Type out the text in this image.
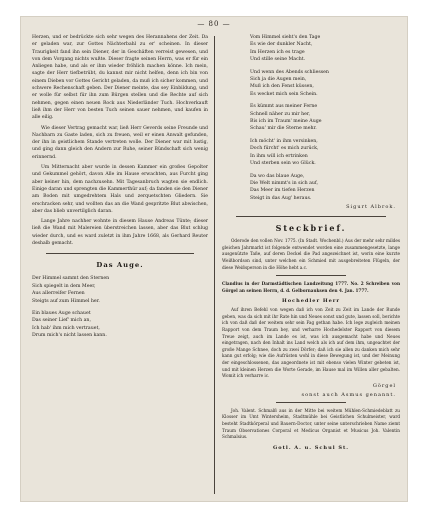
— 80 —

Herzen, und er bedrückte sich sehr wegen des Herannahens der Zeit. Da er geladen war, zur Gottes Nächterbahl zu er' scheinen. In dieser Traurigkeit fand ihn sein Diener, der in Geschäften verreist gewesen, und von dem Vorgang nichts wußte. Dieser fragte seinen Herrn, was er für ein Anliegen habe, und als er ihm wieder fröhlich machen könne. Ich mein, sagte der Herr tiefbetrübt, du kannst mir nicht helfen, denn ich bin von einem Dieben vor Gottes Gericht geladen, da muß ich sicher kommen, und schwere Rechenschaft geben. Der Diener meinte, das sey Einbildung, und er wolle für selbst für ihn zum Bürgen stellen und die Rechte auf sich nehmen, gegen einen neuen Rock aus Niederländer Tuch. Hochverkauft ließ ihm der Herr von besten Tuch seinen sauer nehmen, und kaufen in alle eilig.

Wie dieser Vertrag gemacht war, ließ Herr Geverds seine Freunde und Nachbarn zu Gaste laden, sich zu freuen, weil er einen Anwalt gefunden, der ihn in geistlichem Stande vertreten wolle. Der Diener war mit lustig, und ging dann gleich den Andern zur Ruhe, seiner Bündschaft sich wenig erinnernd.

Um Mitternacht aber wurde in dessen Kammer ein großes Gepolter und Gekummel gehört, davon Alle im Hause erwachten, aus Furcht ging aber keiner hin, dem nachzusehn. Mit Tagesanbruch wagten sie endlich. Einige daran und sprengten die Kammerthür auf; da fanden sie den Diener am Boden mit umgedrehtem Hals und zerquetschten Gliedern. Sie erschracken sehr, und wollten das an die Wand gespritzte Blut abwischen, aber das blieb unvertilglich daran.

Lange Jahre nachher wohnte in diesem Hause Andreas Tünte; dieser ließ die Wand mit Malereien überstreichen lassen, aber das Blut schlug wieder durch, und es ward zuletzt in ihm Jahre 1668, als Gerhard Reuter deshalb gemacht.

Das Auge.
Der Himmel sammt den Sternen
Sich spiegelt in dem Meer,
Aus allerreifer Fernen
Steigts auf zum Himmel her.
Ein blaues Auge schauet
Das seiner Lief' mich an,
Ich hab' ihm mich vertrauet,
Drum mich's nicht lassen kann.
Vom Himmel sieht's den Tage
Es wie der dunkler Nacht,
Im Herzen ich es trage
Und stille seine Macht.
Und wenn des Abends schliessen
Sich ja die Augen mein,
Muß ich den Fenst küssen,
Es wecket mich sein Schein.
Es kümmt aus meiner Ferne
Schnell näher zu mir her,
Bis ich im Traum' meine Auge
Schau' mir die Sterne mehr.
Ich möcht' in ihm versinken,
Doch fürcht' es mich zurück,
In ihm will ich ertrinken
Und sterben sein wo Glück.
Da wo das blaue Auge,
Die Welt nimmt's in sich auf,
Das Meer im tiefen Herzen
Steigt in das Aug' heraus.
Sigurt Albrok.
Steckbrief.

Oderode den vollen Nov. 1775. (In Stadt. Wochenbl.) Aus der mehr sehr mildes gleichen Jahrmarkt ist folgende entwendet worden eine zusammengesetzte, lange ausgenützte Taße, auf deren Deckel die Pad angezeichnet ist, worin eine kurzte Weißbordson sind, unter welchen ein Schmied mit ausgebreiteten Flügeln, der diese Weißsperson in die Höhe hebt a.c.

Clandius in der Darmstädtischen Landzeitung 1777. No. 2 Schreiben von Görgel an seinen Herrn, d. d. Gelbornauksen den 4. Jan. 1777.

Hochedler Herr

Auf ihren Befehl von wegen daß ich von Zeit zu Zeit im Lande der Runde geben, was da sich mit ihr Rate hin und Neues sonst und gute, lassen soll, berichte ich von daß daß der weitem sehr sein Fag gethan habe. Ich lege zugleich meinen Rapport von dem Traum bey, und verharre Hochedelster Rapport von diesem Treue zeigt, auch im Lande es ist, was ich ausgemacht habe und Neues eingetragen, nach den Inhalt ins Land welch als ich auf dem ihm, ungeachtet der große Mange Schnee, doch zu zwei Dörfer; daß ich sie allen zu danken mich sehr kann gut erfolg; wie die Aufrüsten wohl in diese Bewegung ist, und der Meinung der eingeschlossenen, das angeordnete ist mit ebenso vielen Winter gebeten ist, und mit kleinen Herzen die Worte Gerade, im Hause mal im Willen aller gebalten. Womit ich verharre ic.

Görgel
sonst auch Asmus genannt.

Joh. Valent. Schmalß aus in der Mitte bei weitem Mühlen-Schmiedeblatt zu Klosser im Umt Wintersheim, Stadtmühle bei Geistlichen Schulmeister, ward besteht Stadtkörperal und Bauern-Doctor, unter seine unterschrieben Name ziemt Traum Observationes Corporal et Medicus Organist et Musicus Joh. Valentin Schmalsius.

Gotl. A. u. Schul St.
